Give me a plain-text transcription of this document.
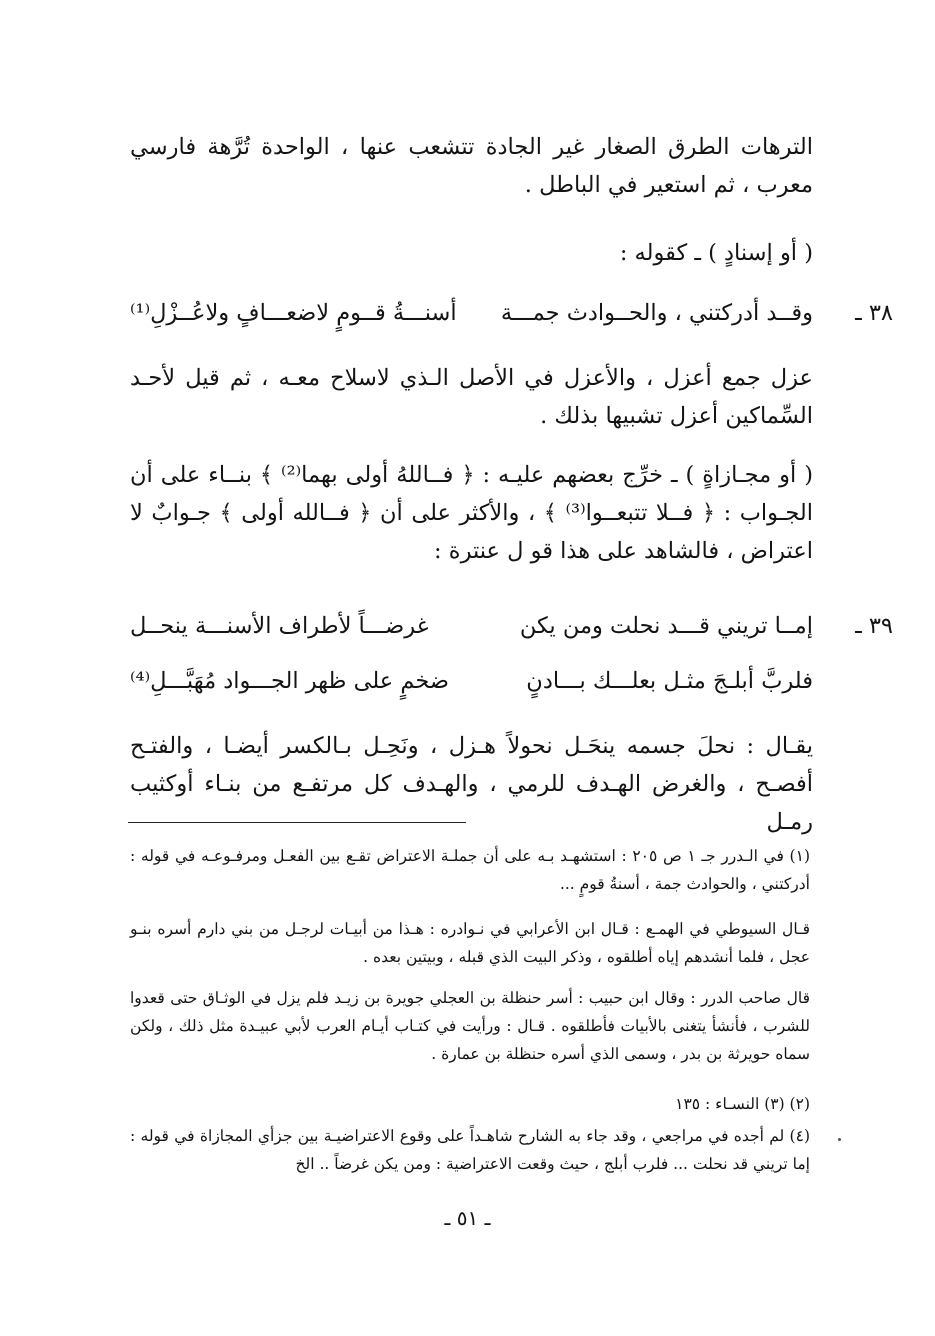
الترهات الطرق الصغار غير الجادة تتشعب عنها ، الواحدة تُرَّهة فارسي معرب ، ثم استعير في الباطل .
( أو إسنادٍ ) ـ كقوله :
٣٨ ـ
وقــد أدركتني ، والحــوادث جمـــة
أسنـــةُ قــومٍ لاضعـــافٍ ولاعُــزْلِ⁽¹⁾
عزل جمع أعزل ، والأعزل في الأصل الـذي لاسلاح معـه ، ثم قيل لأحـد السِّماكين أعزل تشبيها بذلك .
( أو مجـازاةٍ ) ـ خرِّج بعضهم عليـه : ﴿ فــاللهُ أولى بهما⁽²⁾ ﴾ بنــاء على أن الجـواب : ﴿ فــلا تتبعــوا⁽³⁾ ﴾ ، والأكثر على أن ﴿ فــالله أولى ﴾ جـوابٌ لا اعتراض ، فالشاهد على هذا قو ل عنترة :
٣٩ ـ
إمــا تريني قـــد نحلت ومن يكن
غرضـــاً لأطراف الأسنـــة ينحــل
فلربَّ أبلـجَ مثـل بعلـــك بـــادنٍ
ضخمٍ على ظهر الجـــواد مُهَبَّـــلِ⁽⁴⁾
يقـال : نحلَ جسمه ينحَـل نحولاً هـزل ، ونَحِـل بـالكسر أيضـا ، والفتـح أفصـح ، والغرض الهـدف للرمي ، والهـدف كل مرتفـع من بنـاء أوكثيب رمـل
(١) في الـدرر جـ ١ ص ٢٠٥ : استشهـد بـه على أن جملـة الاعتراض تقـع بين الفعـل ومرفـوعـه في قوله : أدركتني ، والحوادث جمة ، أسنةُ قومٍ ...
قـال السيوطي في الهمـع : قـال ابن الأعرابي في نـوادره : هـذا من أبيـات لرجـل من بني دارم أسره بنـو عجل ، فلما أنشدهم إياه أطلقوه ، وذكر البيت الذي قبله ، وبيتين بعده .
قال صاحب الدرر : وقال ابن حبيب : أسر حنظلة بن العجلي جويرة بن زيـد فلم يزل في الوثـاق حتى قعدوا للشرب ، فأنشأ يتغنى بالأبيات فأطلقوه . قـال : ورأيت في كتـاب أيـام العرب لأبي عبيـدة مثل ذلك ، ولكن سماه حويرثة بن بدر ، وسمى الذي أسره حنظلة بن عمارة .
(٢) (٣) النسـاء : ١٣٥
(٤) لم أجده في مراجعي ، وقد جاء به الشارح شاهـداً على وقوع الاعتراضيـة بين جزأي المجازاة في قوله : إما تريني قد نحلت ... فلرب أبلج ، حيث وقعت الاعتراضية : ومن يكن غرضاً .. الخ
ـ ٥١ ـ
